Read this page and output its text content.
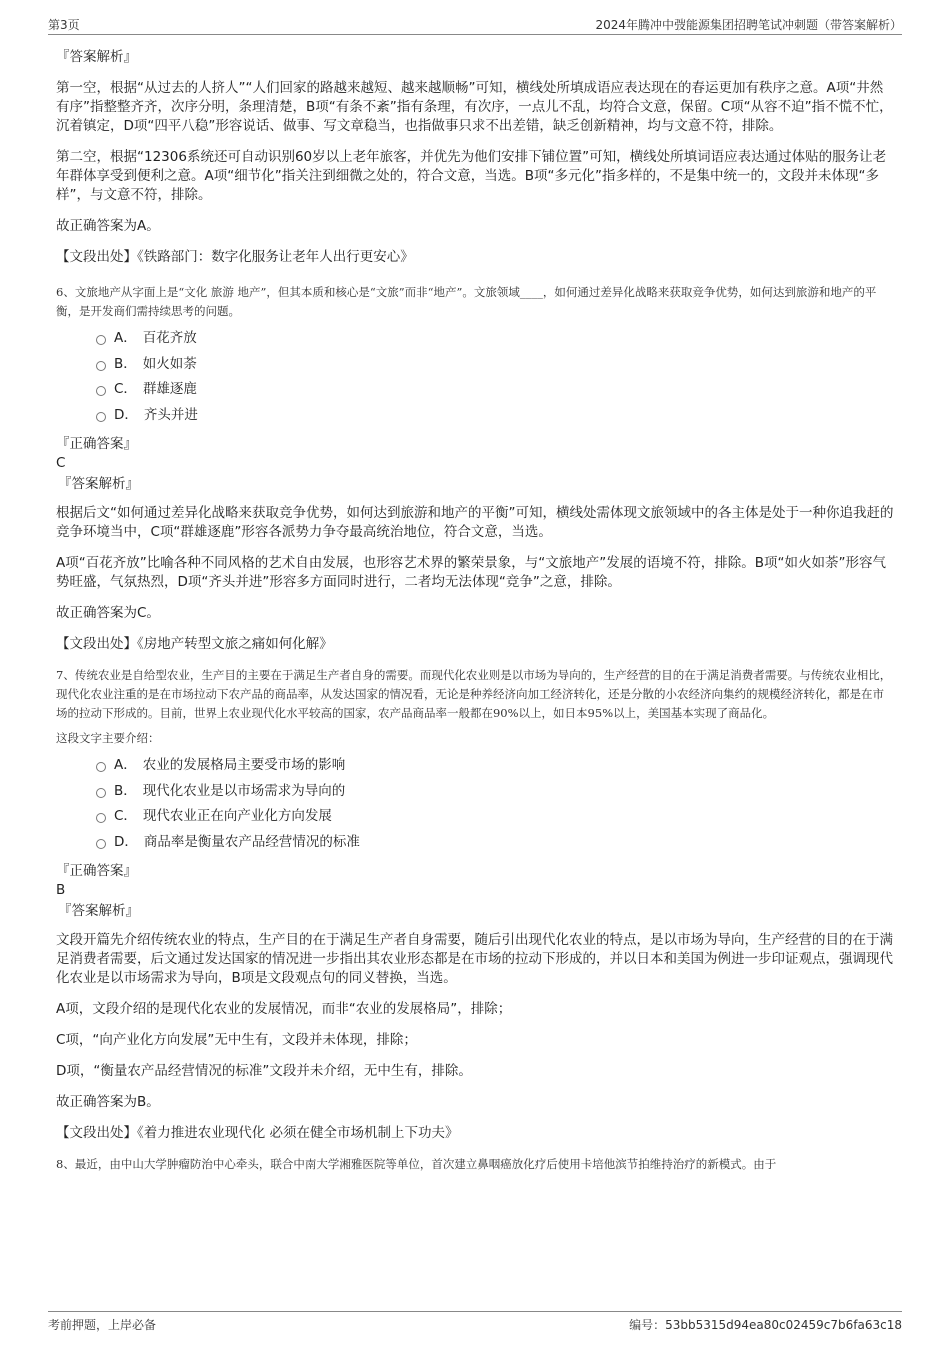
第3页	2024年腾冲中弢能源集团招聘笔试冲刺题（带答案解析）
『答案解析』
第一空，根据“从过去的人挤人”“人们回家的路越来越短、越来越顺畅”可知，横线处所填成语应表达现在的春运更加有秩序之意。A项“井然有序”指整整齐齐，次序分明，条理清楚，B项“有条不紊”指有条理，有次序，一点儿不乱，均符合文意，保留。C项“从容不迫”指不慌不忙，沉着镇定，D项“四平八稳”形容说话、做事、写文章稳当，也指做事只求不出差错，缺乏创新精神，均与文意不符，排除。
第二空，根据“12306系统还可自动识别60岁以上老年旅客，并优先为他们安排下铺位置”可知，横线处所填词语应表达通过体贴的服务让老年群体享受到便利之意。A项“细节化”指关注到细微之处的，符合文意，当选。B项“多元化”指多样的，不是集中统一的，文段并未体现“多样”，与文意不符，排除。
故正确答案为A。
【文段出处】《铁路部门：数字化服务让老年人出行更安心》
6、文旅地产从字面上是“文化 旅游 地产”，但其本质和核心是“文旅”而非“地产”。文旅领域____，如何通过差异化战略来获取竞争优势，如何达到旅游和地产的平衡，是开发商们需持续思考的问题。
A． 百花齐放
B． 如火如荼
C． 群雄逐鹿
D． 齐头并进
『正确答案』
C
『答案解析』
根据后文“如何通过差异化战略来获取竞争优势，如何达到旅游和地产的平衡”可知，横线处需体现文旅领域中的各主体是处于一种你追我赶的竞争环境当中，C项“群雄逐鹿”形容各派势力争夺最高统治地位，符合文意，当选。
A项“百花齐放”比喻各种不同风格的艺术自由发展，也形容艺术界的繁荣景象，与“文旅地产”发展的语境不符，排除。B项“如火如荼”形容气势旺盛，气氛热烈，D项“齐头并进”形容多方面同时进行，二者均无法体现“竞争”之意，排除。
故正确答案为C。
【文段出处】《房地产转型文旅之痛如何化解》
7、传统农业是自给型农业，生产目的主要在于满足生产者自身的需要。而现代化农业则是以市场为导向的，生产经营的目的在于满足消费者需要。与传统农业相比，现代化农业注重的是在市场拉动下农产品的商品率，从发达国家的情况看，无论是种养经济向加工经济转化，还是分散的小农经济向集约的规模经济转化，都是在市场的拉动下形成的。目前，世界上农业现代化水平较高的国家，农产品商品率一般都在90%以上，如日本95%以上，美国基本实现了商品化。
这段文字主要介绍：
A． 农业的发展格局主要受市场的影响
B． 现代化农业是以市场需求为导向的
C． 现代农业正在向产业化方向发展
D． 商品率是衡量农产品经营情况的标准
『正确答案』
B
『答案解析』
文段开篇先介绍传统农业的特点，生产目的在于满足生产者自身需要，随后引出现代化农业的特点，是以市场为导向，生产经营的目的在于满足消费者需要，后文通过发达国家的情况进一步指出其农业形态都是在市场的拉动下形成的，并以日本和美国为例进一步印证观点，强调现代化农业是以市场需求为导向，B项是文段观点句的同义替换，当选。
A项，文段介绍的是现代化农业的发展情况，而非“农业的发展格局”，排除；
C项，“向产业化方向发展”无中生有，文段并未体现，排除；
D项，“衡量农产品经营情况的标准”文段并未介绍，无中生有，排除。
故正确答案为B。
【文段出处】《着力推进农业现代化 必须在健全市场机制上下功夫》
8、最近，由中山大学肿瘤防治中心牵头，联合中南大学湘雅医院等单位，首次建立鼻咽癌放化疗后使用卡培他滨节拍维持治疗的新模式。由于
考前押题，上岸必备	编号：53bb5315d94ea80c02459c7b6fa63c18
